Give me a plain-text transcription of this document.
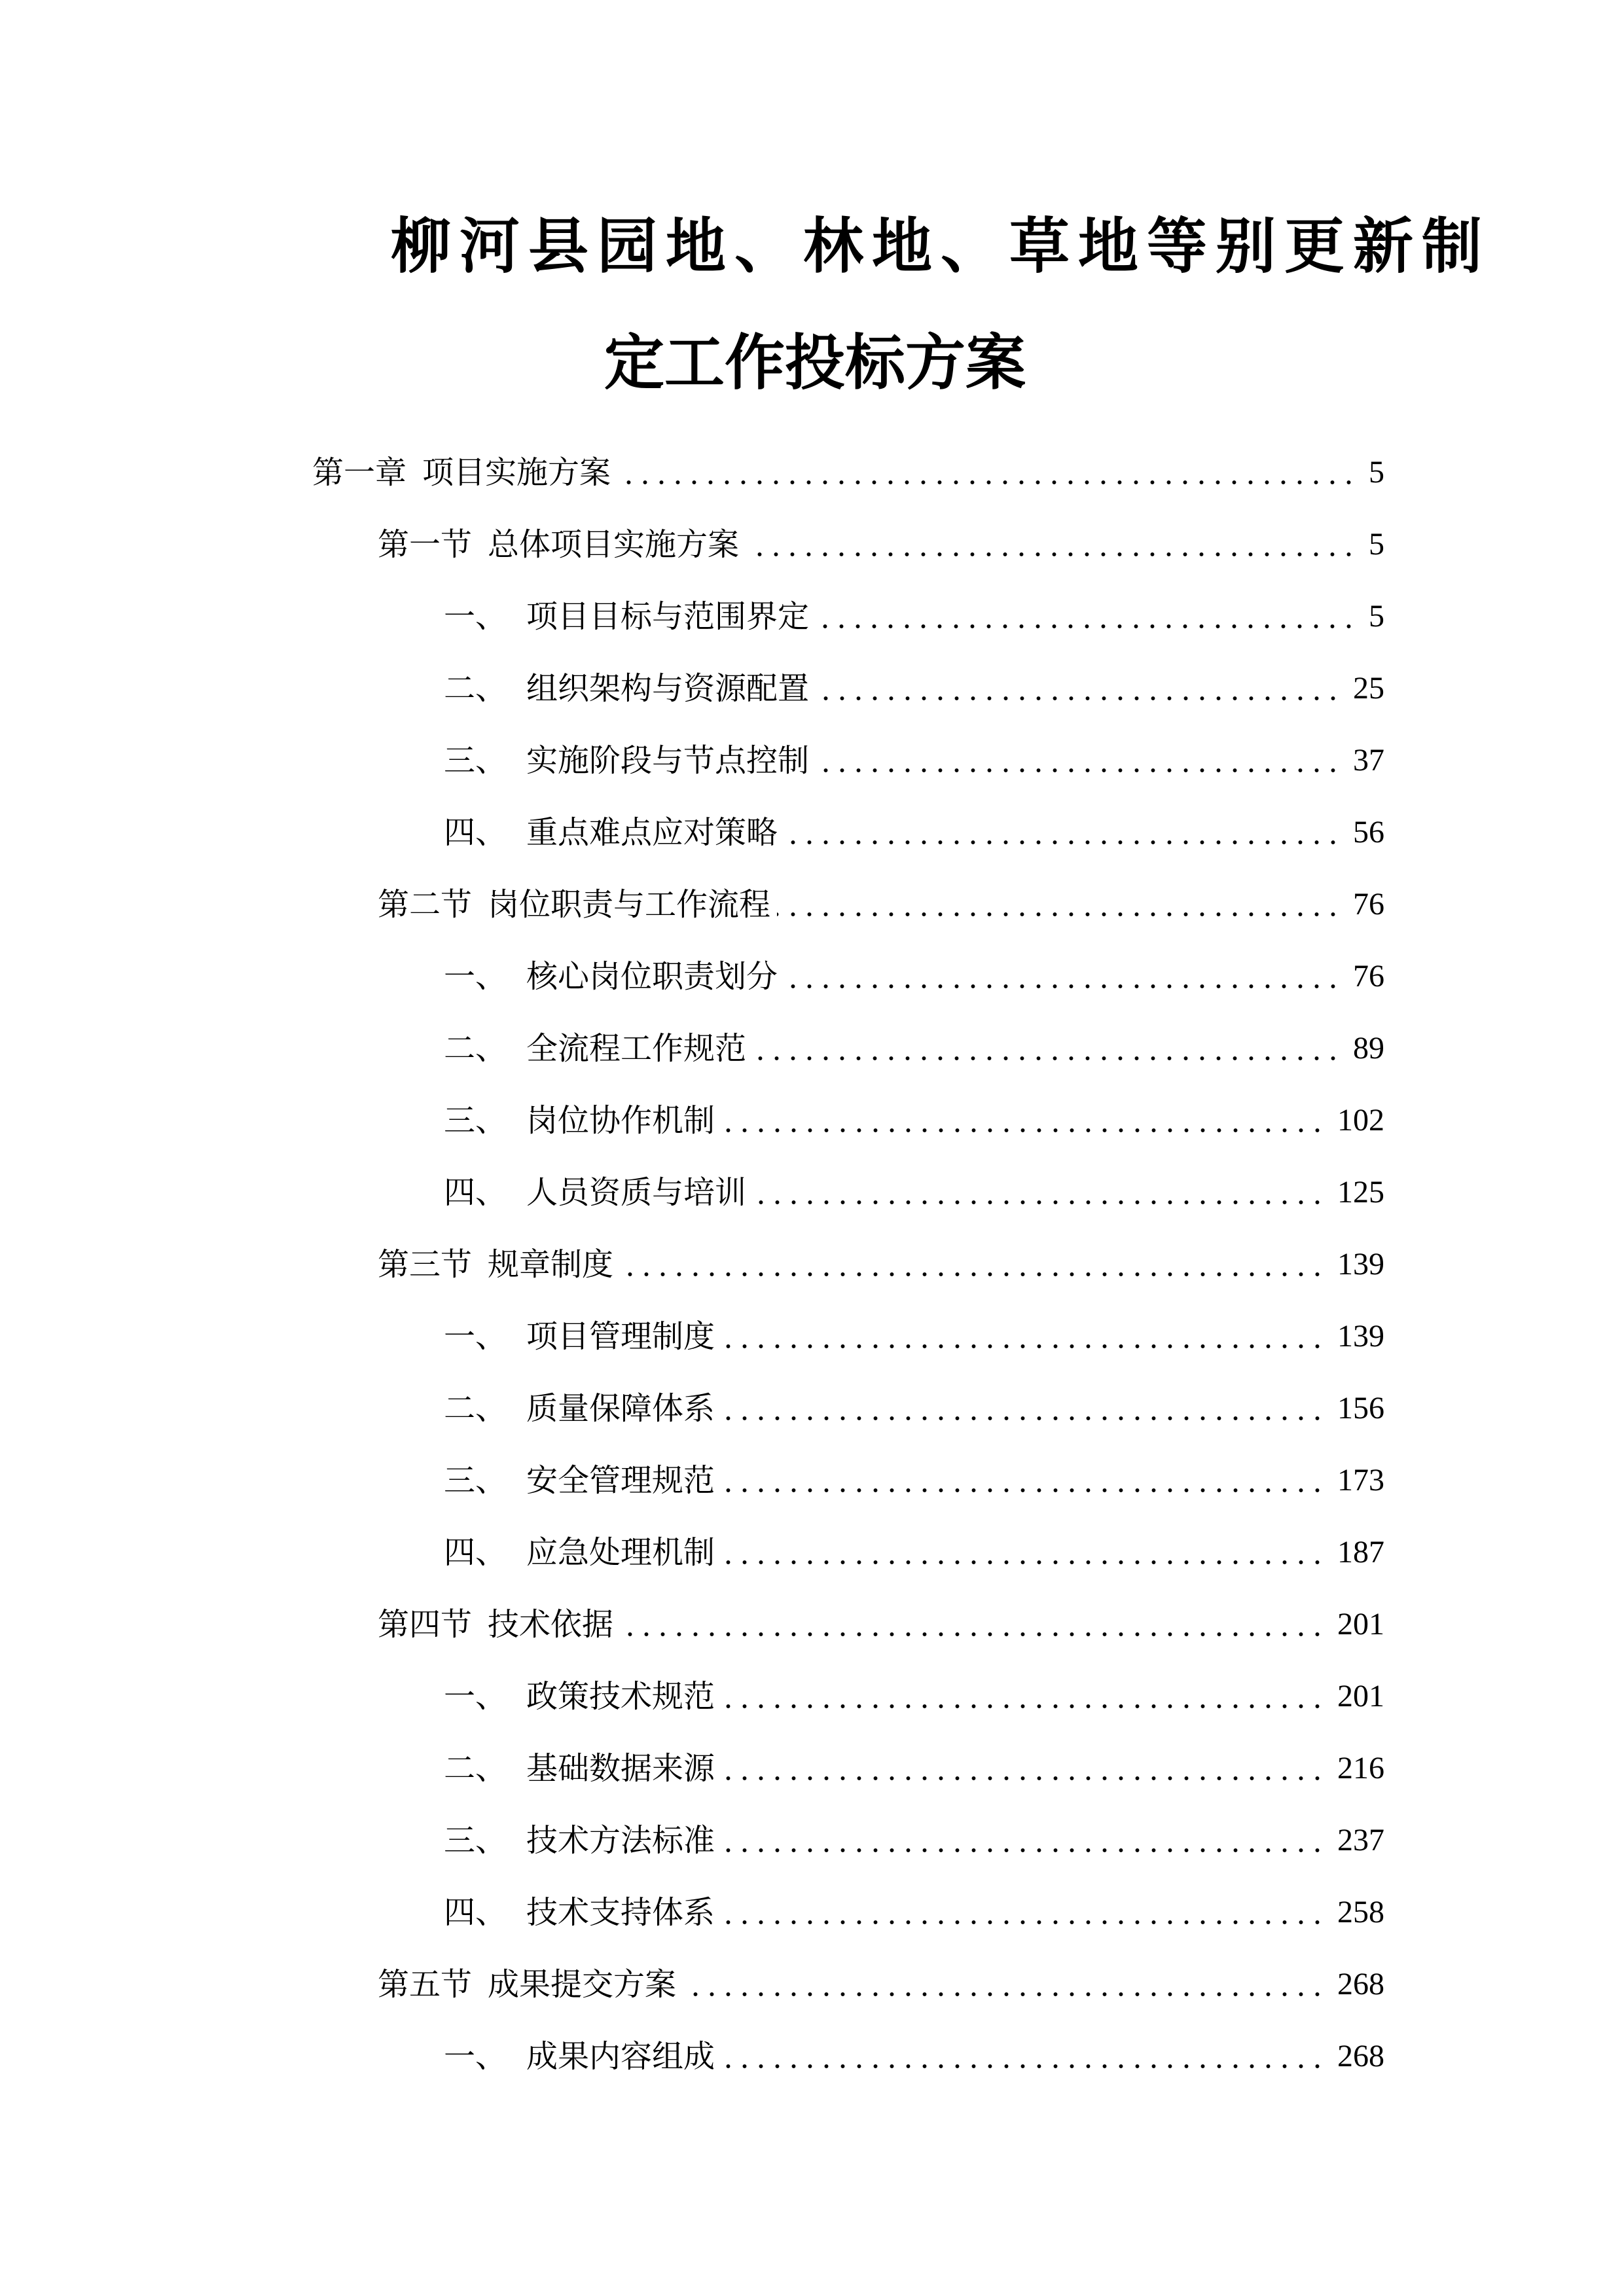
柳河县园地、林地、草地等别更新制
定工作投标方案
第一章 项目实施方案	5
第一节 总体项目实施方案	5
一、 项目目标与范围界定	5
二、 组织架构与资源配置	25
三、 实施阶段与节点控制	37
四、 重点难点应对策略	56
第二节 岗位职责与工作流程	76
一、 核心岗位职责划分	76
二、 全流程工作规范	89
三、 岗位协作机制	102
四、 人员资质与培训	125
第三节 规章制度	139
一、 项目管理制度	139
二、 质量保障体系	156
三、 安全管理规范	173
四、 应急处理机制	187
第四节 技术依据	201
一、 政策技术规范	201
二、 基础数据来源	216
三、 技术方法标准	237
四、 技术支持体系	258
第五节 成果提交方案	268
一、 成果内容组成	268
